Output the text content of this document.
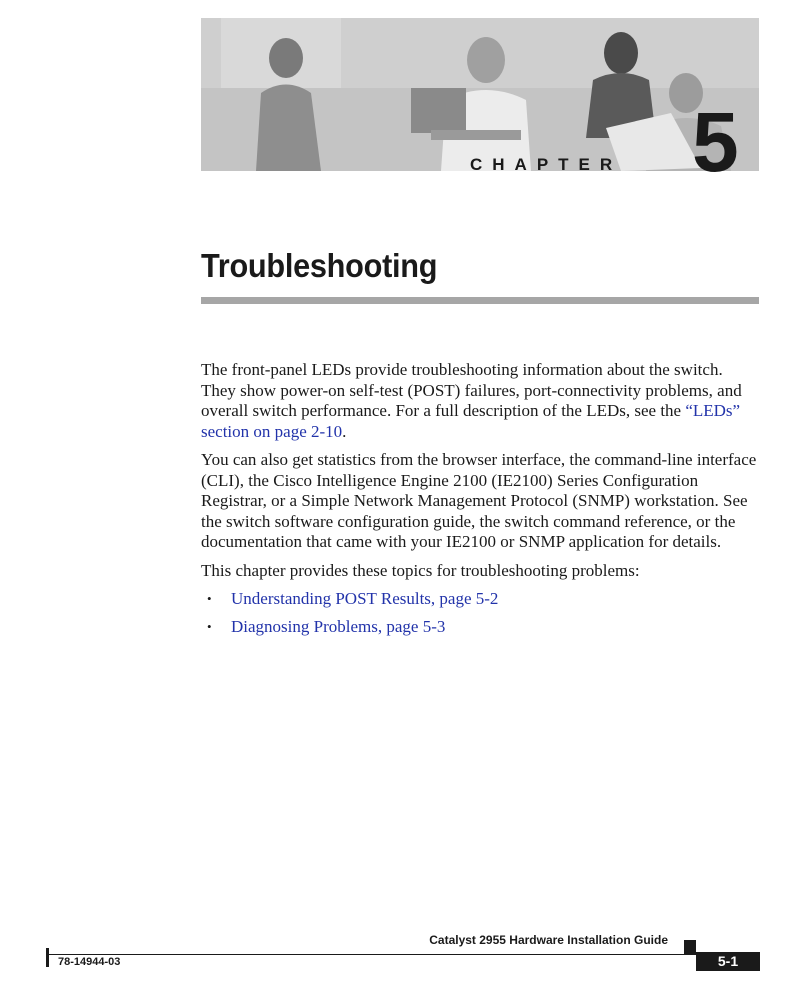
CHAPTER 5
Troubleshooting

The front-panel LEDs provide troubleshooting information about the switch. They show power-on self-test (POST) failures, port-connectivity problems, and overall switch performance. For a full description of the LEDs, see the “LEDs” section on page 2-10.

You can also get statistics from the browser interface, the command-line interface (CLI), the Cisco Intelligence Engine 2100 (IE2100) Series Configuration Registrar, or a Simple Network Management Protocol (SNMP) workstation. See the switch software configuration guide, the switch command reference, or the documentation that came with your IE2100 or SNMP application for details.

This chapter provides these topics for troubleshooting problems:

• Understanding POST Results, page 5-2
• Diagnosing Problems, page 5-3
Catalyst 2955 Hardware Installation Guide
78-14944-03	5-1
